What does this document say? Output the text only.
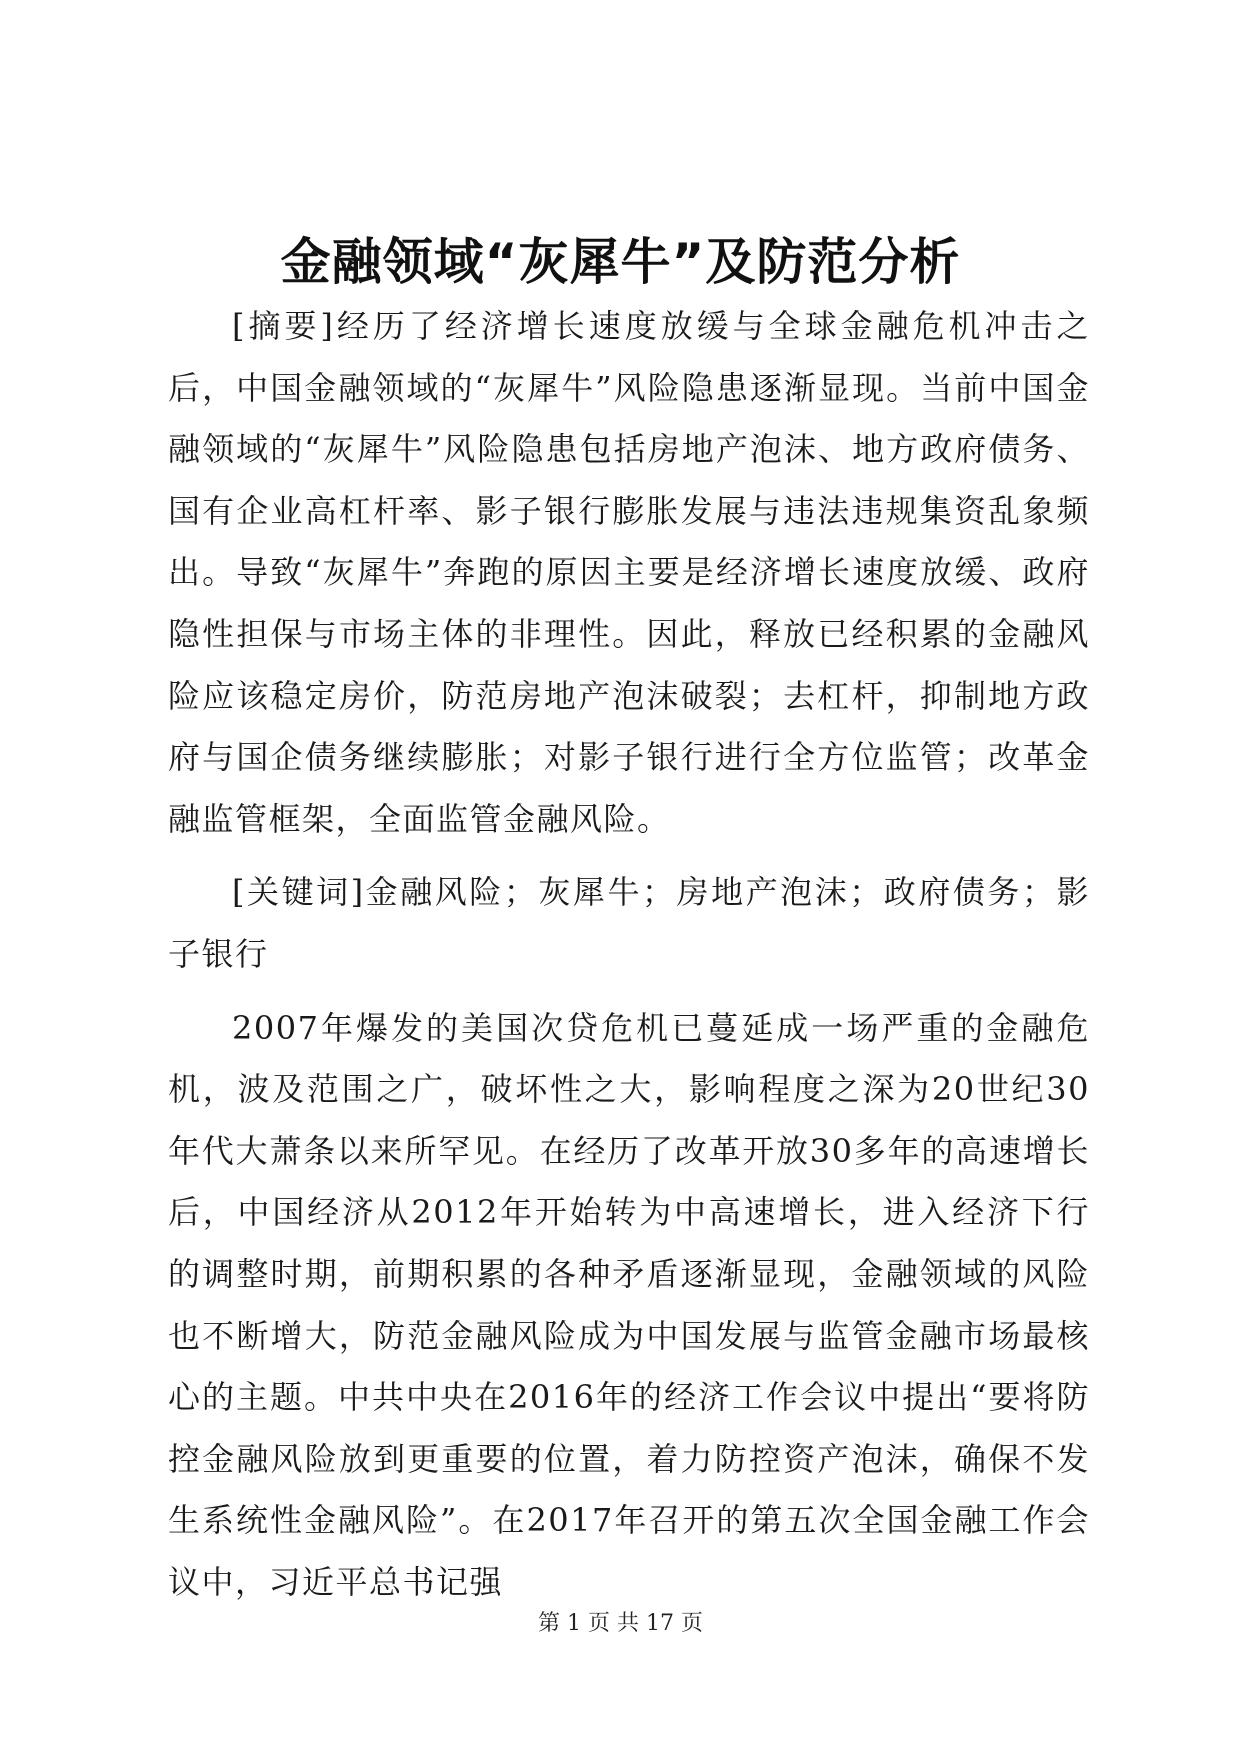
金融领域“灰犀牛”及防范分析

[摘要]经历了经济增长速度放缓与全球金融危机冲击之后，中国金融领域的“灰犀牛”风险隐患逐渐显现。当前中国金融领域的“灰犀牛”风险隐患包括房地产泡沫、地方政府债务、国有企业高杠杆率、影子银行膨胀发展与违法违规集资乱象频出。导致“灰犀牛”奔跑的原因主要是经济增长速度放缓、政府隐性担保与市场主体的非理性。因此，释放已经积累的金融风险应该稳定房价，防范房地产泡沫破裂；去杠杆，抑制地方政府与国企债务继续膨胀；对影子银行进行全方位监管；改革金融监管框架，全面监管金融风险。

[关键词]金融风险；灰犀牛；房地产泡沫；政府债务；影子银行

2007年爆发的美国次贷危机已蔓延成一场严重的金融危机，波及范围之广，破坏性之大，影响程度之深为20世纪30年代大萧条以来所罕见。在经历了改革开放30多年的高速增长后，中国经济从2012年开始转为中高速增长，进入经济下行的调整时期，前期积累的各种矛盾逐渐显现，金融领域的风险也不断增大，防范金融风险成为中国发展与监管金融市场最核心的主题。中共中央在2016年的经济工作会议中提出“要将防控金融风险放到更重要的位置，着力防控资产泡沫，确保不发生系统性金融风险”。在2017年召开的第五次全国金融工作会议中，习近平总书记强

第 1 页 共 17 页
